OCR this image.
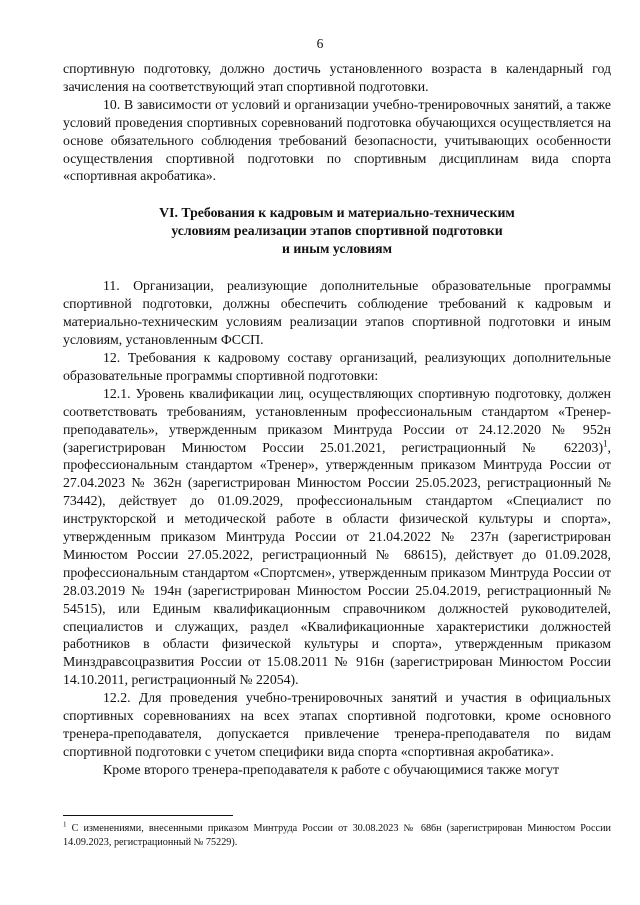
6

спортивную подготовку, должно достичь установленного возраста в календарный год зачисления на соответствующий этап спортивной подготовки.

10. В зависимости от условий и организации учебно-тренировочных занятий, а также условий проведения спортивных соревнований подготовка обучающихся осуществляется на основе обязательного соблюдения требований безопасности, учитывающих особенности осуществления спортивной подготовки по спортивным дисциплинам вида спорта «спортивная акробатика».

VI. Требования к кадровым и материально-техническим
условиям реализации этапов спортивной подготовки
и иным условиям

11. Организации, реализующие дополнительные образовательные программы спортивной подготовки, должны обеспечить соблюдение требований к кадровым и материально-техническим условиям реализации этапов спортивной подготовки и иным условиям, установленным ФССП.

12. Требования к кадровому составу организаций, реализующих дополнительные образовательные программы спортивной подготовки:

12.1. Уровень квалификации лиц, осуществляющих спортивную подготовку, должен соответствовать требованиям, установленным профессиональным стандартом «Тренер-преподаватель», утвержденным приказом Минтруда России от 24.12.2020 № 952н (зарегистрирован Минюстом России 25.01.2021, регистрационный № 62203)$^1$, профессиональным стандартом «Тренер», утвержденным приказом Минтруда России от 27.04.2023 № 362н (зарегистрирован Минюстом России 25.05.2023, регистрационный № 73442), действует до 01.09.2029, профессиональным стандартом «Специалист по инструкторской и методической работе в области физической культуры и спорта», утвержденным приказом Минтруда России от 21.04.2022 № 237н (зарегистрирован Минюстом России 27.05.2022, регистрационный № 68615), действует до 01.09.2028, профессиональным стандартом «Спортсмен», утвержденным приказом Минтруда России от 28.03.2019 № 194н (зарегистрирован Минюстом России 25.04.2019, регистрационный № 54515), или Единым квалификационным справочником должностей руководителей, специалистов и служащих, раздел «Квалификационные характеристики должностей работников в области физической культуры и спорта», утвержденным приказом Минздравсоцразвития России от 15.08.2011 № 916н (зарегистрирован Минюстом России 14.10.2011, регистрационный № 22054).

12.2. Для проведения учебно-тренировочных занятий и участия в официальных спортивных соревнованиях на всех этапах спортивной подготовки, кроме основного тренера-преподавателя, допускается привлечение тренера-преподавателя по видам спортивной подготовки с учетом специфики вида спорта «спортивная акробатика».

Кроме второго тренера-преподавателя к работе с обучающимися также могут

$^1$ С изменениями, внесенными приказом Минтруда России от 30.08.2023 № 686н (зарегистрирован Минюстом России 14.09.2023, регистрационный № 75229).
